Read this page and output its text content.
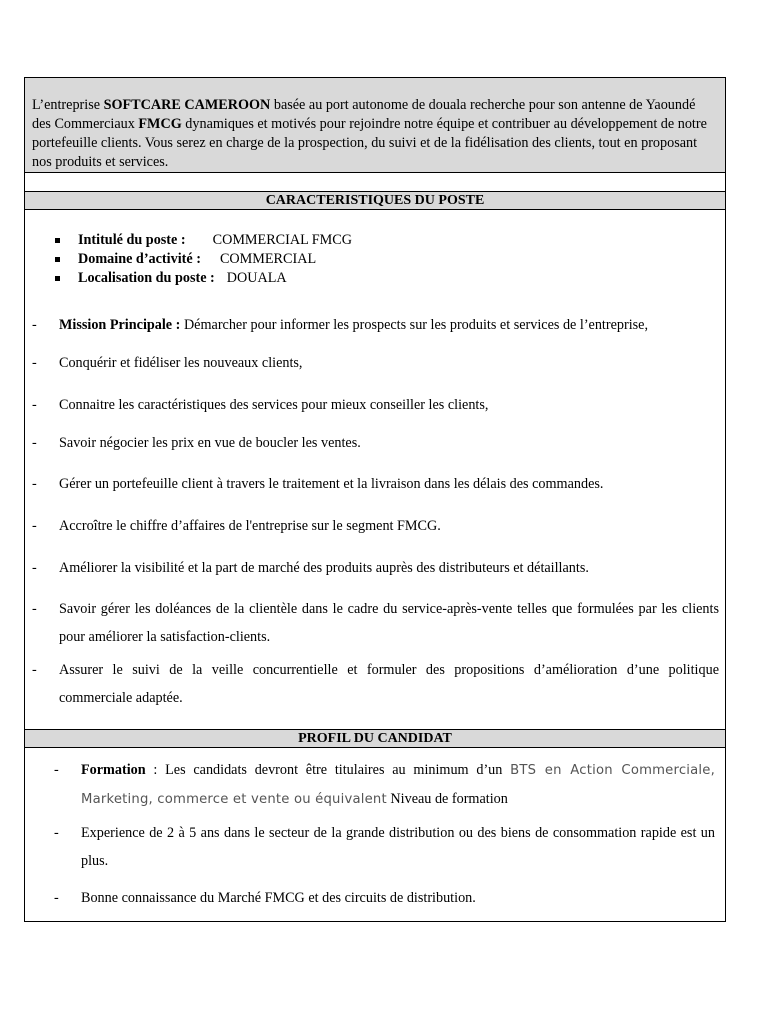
L’entreprise SOFTCARE CAMEROON basée au port autonome de douala recherche pour son antenne de Yaoundé des Commerciaux FMCG dynamiques et motivés pour rejoindre notre équipe et contribuer au développement de notre portefeuille clients. Vous serez en charge de la prospection, du suivi et de la fidélisation des clients, tout en proposant nos produits et services.
CARACTERISTIQUES DU POSTE
Intitulé du poste : COMMERCIAL FMCG
Domaine d’activité : COMMERCIAL
Localisation du poste : DOUALA
- Mission Principale : Démarcher pour informer les prospects sur les produits et services de l’entreprise,
- Conquérir et fidéliser les nouveaux clients,
- Connaitre les caractéristiques des services pour mieux conseiller les clients,
- Savoir négocier les prix en vue de boucler les ventes.
- Gérer un portefeuille client à travers le traitement et la livraison dans les délais des commandes.
- Accroître le chiffre d’affaires de l'entreprise sur le segment FMCG.
- Améliorer la visibilité et la part de marché des produits auprès des distributeurs et détaillants.
- Savoir gérer les doléances de la clientèle dans le cadre du service-après-vente telles que formulées par les clients pour améliorer la satisfaction-clients.
- Assurer le suivi de la veille concurrentielle et formuler des propositions d’amélioration d’une politique commerciale adaptée.
PROFIL DU CANDIDAT
- Formation : Les candidats devront être titulaires au minimum d’un BTS en Action Commerciale, Marketing, commerce et vente ou équivalent Niveau de formation
- Experience de 2 à 5 ans dans le secteur de la grande distribution ou des biens de consommation rapide est un plus.
- Bonne connaissance du Marché FMCG et des circuits de distribution.
